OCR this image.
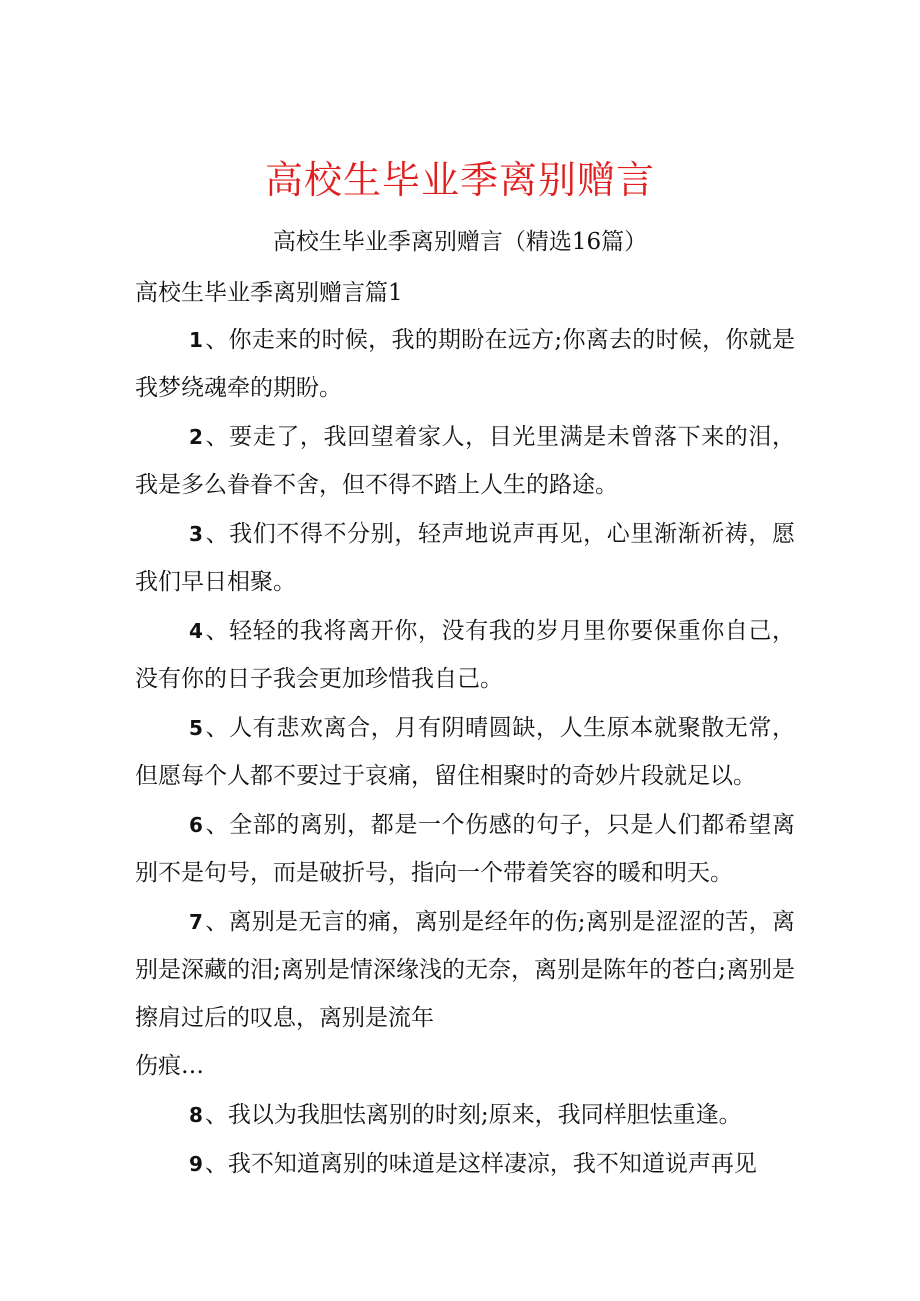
高校生毕业季离别赠言
高校生毕业季离别赠言（精选16篇）
高校生毕业季离别赠言篇1

1、你走来的时候，我的期盼在远方;你离去的时候，你就是我梦绕魂牵的期盼。

2、要走了，我回望着家人，目光里满是未曾落下来的泪，我是多么眷眷不舍，但不得不踏上人生的路途。

3、我们不得不分别，轻声地说声再见，心里渐渐祈祷，愿我们早日相聚。

4、轻轻的我将离开你，没有我的岁月里你要保重你自己，没有你的日子我会更加珍惜我自己。

5、人有悲欢离合，月有阴晴圆缺，人生原本就聚散无常，但愿每个人都不要过于哀痛，留住相聚时的奇妙片段就足以。

6、全部的离别，都是一个伤感的句子，只是人们都希望离别不是句号，而是破折号，指向一个带着笑容的暖和明天。

7、离别是无言的痛，离别是经年的伤;离别是涩涩的苦，离别是深藏的泪;离别是情深缘浅的无奈，离别是陈年的苍白;离别是擦肩过后的叹息，离别是流年
伤痕…

8、我以为我胆怯离别的时刻;原来，我同样胆怯重逢。

9、我不知道离别的味道是这样凄凉，我不知道说声再见
